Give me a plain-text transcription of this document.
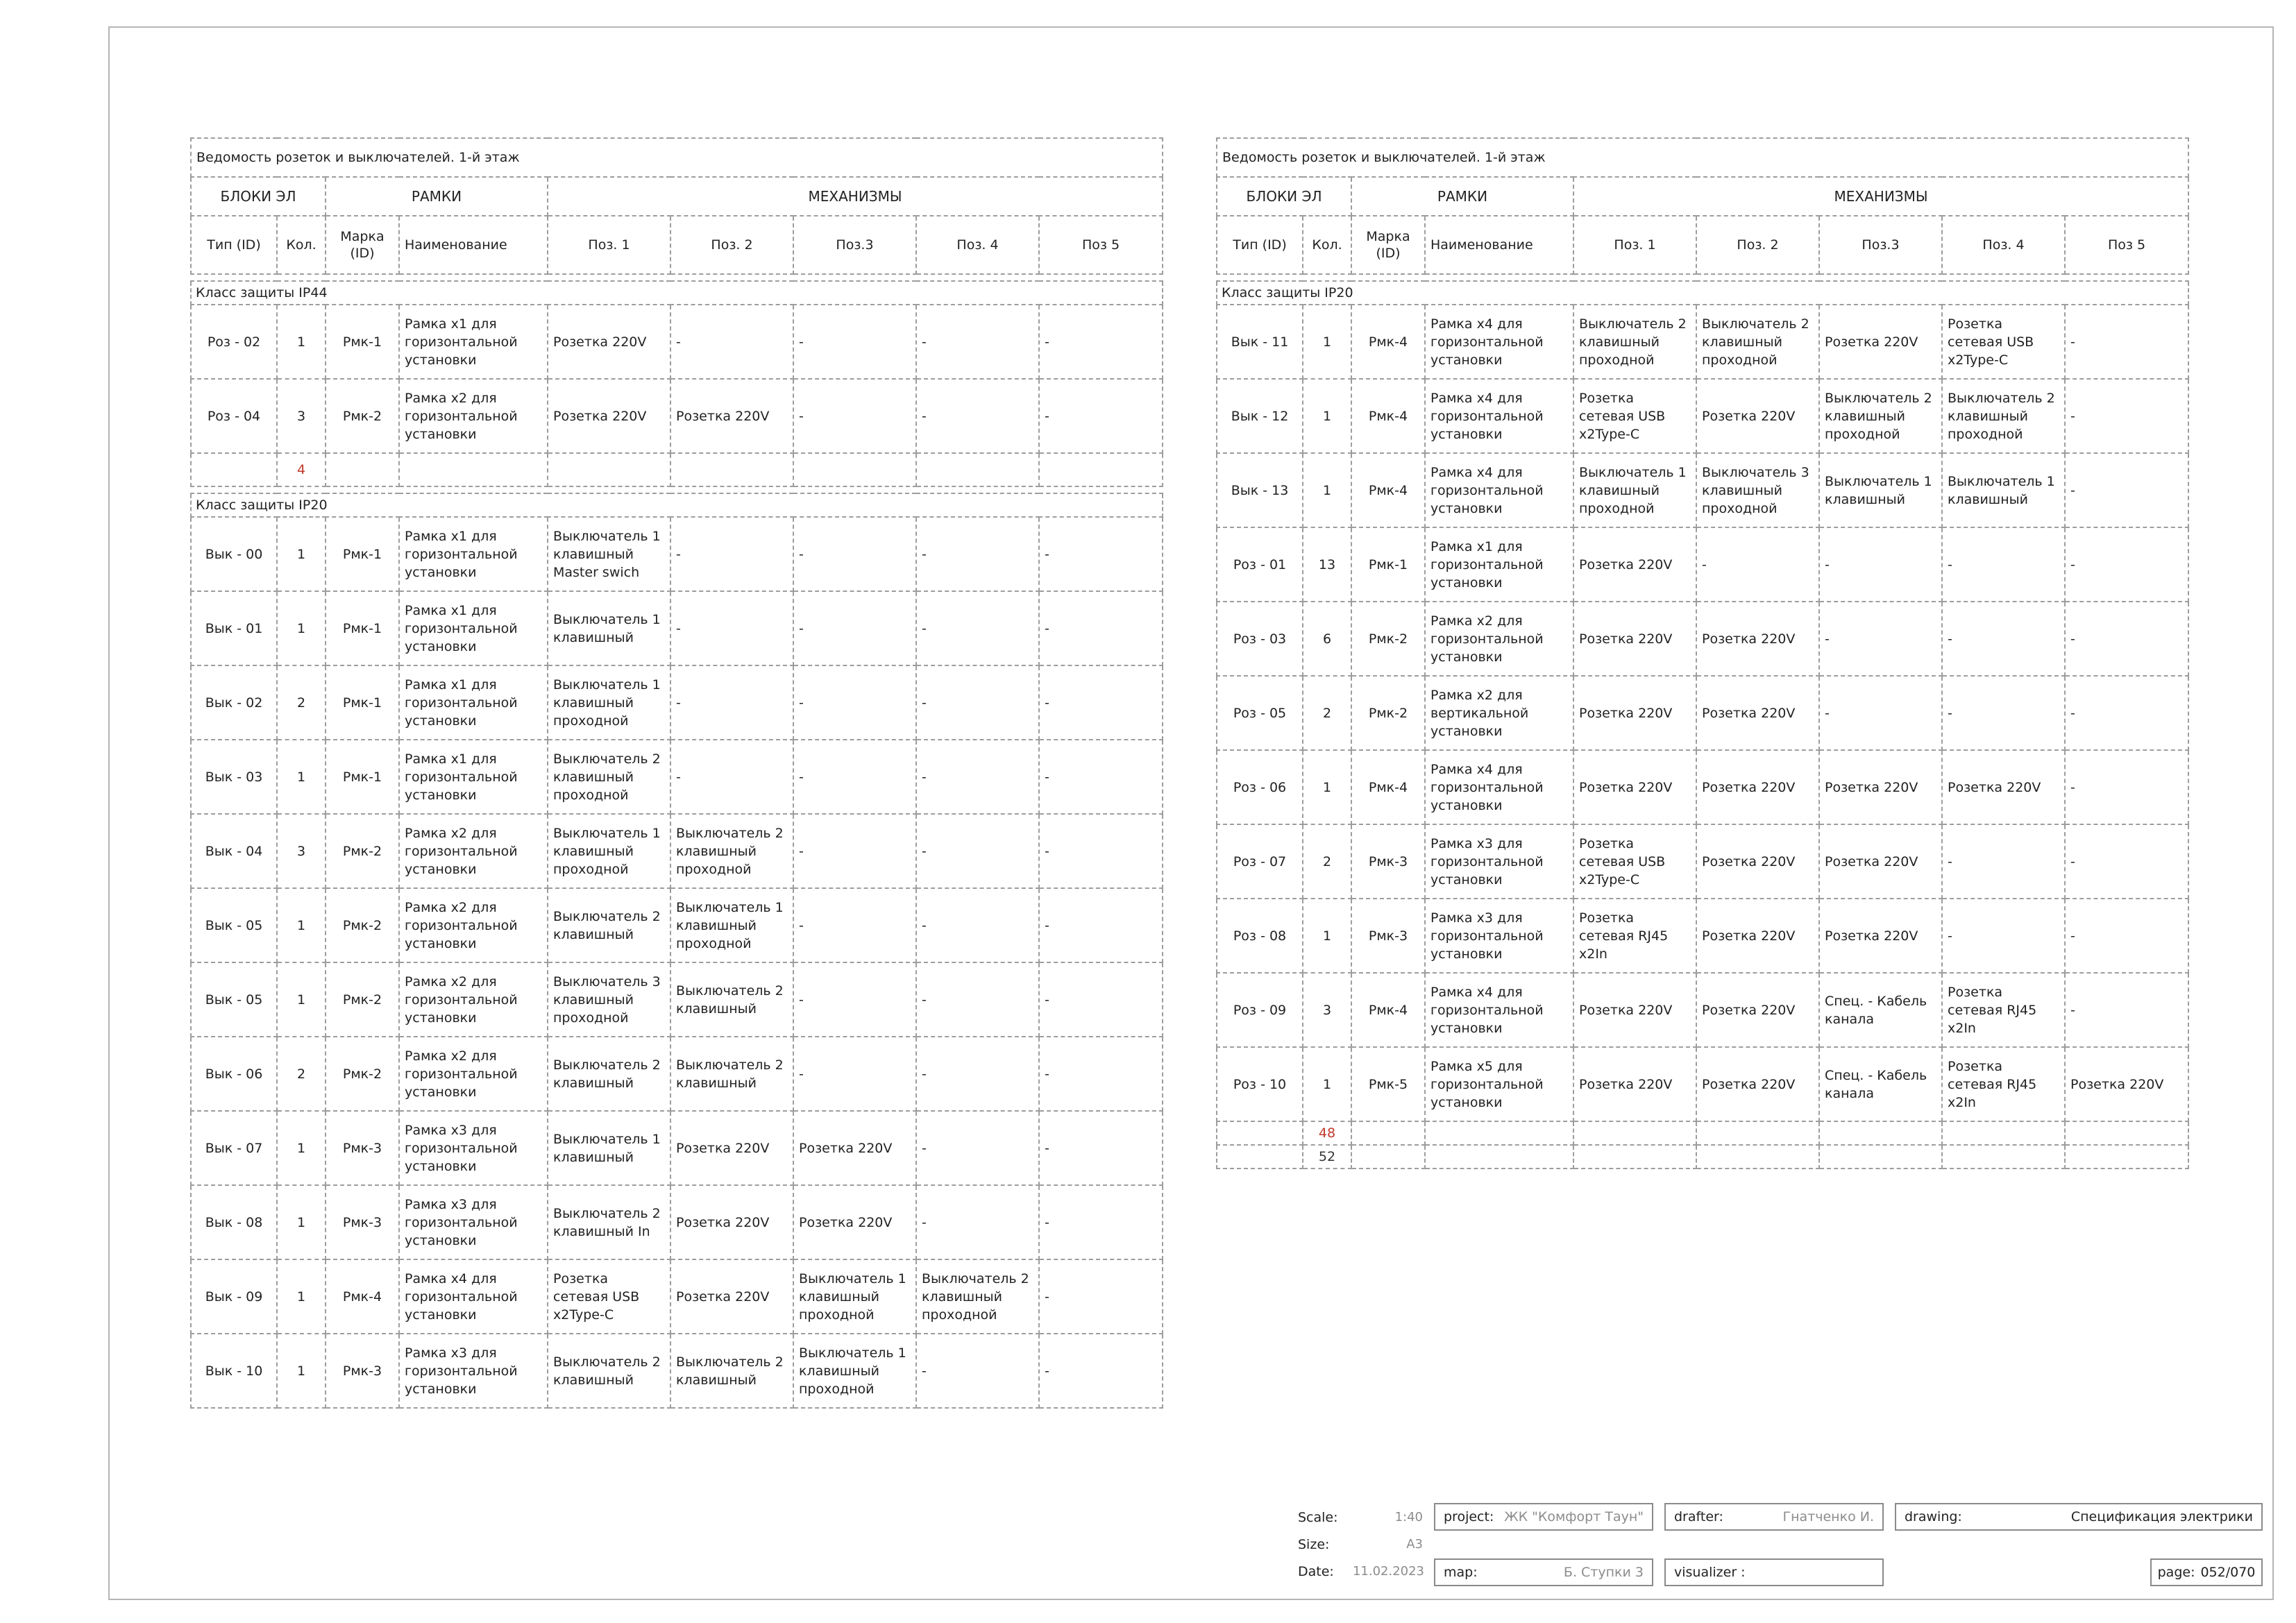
Ведомость розеток и выключателей. 1-й этаж								
БЛОКИ ЭЛ		РАМКИ		МЕХАНИЗМЫ				
Тип (ID)	Кол.	Марка (ID)	Наименование	Поз. 1	Поз. 2	Поз.3	Поз. 4	Поз 5

Класс защиты IP44								
Роз - 02	1	Рмк-1	Рамка x1 для горизонтальной установки	Розетка 220V	-	-	-	-
Роз - 04	3	Рмк-2	Рамка x2 для горизонтальной установки	Розетка 220V	Розетка 220V	-	-	-
	4							

Класс защиты IP20								
Вык - 00	1	Рмк-1	Рамка x1 для горизонтальной установки	Выключатель 1 клавишный Master swich	-	-	-	-
Вык - 01	1	Рмк-1	Рамка x1 для горизонтальной установки	Выключатель 1 клавишный	-	-	-	-
Вык - 02	2	Рмк-1	Рамка x1 для горизонтальной установки	Выключатель 1 клавишный проходной	-	-	-	-
Вык - 03	1	Рмк-1	Рамка x1 для горизонтальной установки	Выключатель 2 клавишный проходной	-	-	-	-
Вык - 04	3	Рмк-2	Рамка x2 для горизонтальной установки	Выключатель 1 клавишный проходной	Выключатель 2 клавишный проходной	-	-	-
Вык - 05	1	Рмк-2	Рамка x2 для горизонтальной установки	Выключатель 2 клавишный	Выключатель 1 клавишный проходной	-	-	-
Вык - 05	1	Рмк-2	Рамка x2 для горизонтальной установки	Выключатель 3 клавишный проходной	Выключатель 2 клавишный	-	-	-
Вык - 06	2	Рмк-2	Рамка x2 для горизонтальной установки	Выключатель 2 клавишный	Выключатель 2 клавишный	-	-	-
Вык - 07	1	Рмк-3	Рамка x3 для горизонтальной установки	Выключатель 1 клавишный	Розетка 220V	Розетка 220V	-	-
Вык - 08	1	Рмк-3	Рамка x3 для горизонтальной установки	Выключатель 2 клавишный In	Розетка 220V	Розетка 220V	-	-
Вык - 09	1	Рмк-4	Рамка x4 для горизонтальной установки	Розетка сетевая USB x2Type-C	Розетка 220V	Выключатель 1 клавишный проходной	Выключатель 2 клавишный проходной	-
Вык - 10	1	Рмк-3	Рамка x3 для горизонтальной установки	Выключатель 2 клавишный	Выключатель 2 клавишный	Выключатель 1 клавишный проходной	-	-
Ведомость розеток и выключателей. 1-й этаж								
БЛОКИ ЭЛ		РАМКИ		МЕХАНИЗМЫ				
Тип (ID)	Кол.	Марка (ID)	Наименование	Поз. 1	Поз. 2	Поз.3	Поз. 4	Поз 5

Класс защиты IP20								
Вык - 11	1	Рмк-4	Рамка x4 для горизонтальной установки	Выключатель 2 клавишный проходной	Выключатель 2 клавишный проходной	Розетка 220V	Розетка сетевая USB x2Type-C	-
Вык - 12	1	Рмк-4	Рамка x4 для горизонтальной установки	Розетка сетевая USB x2Type-C	Розетка 220V	Выключатель 2 клавишный проходной	Выключатель 2 клавишный проходной	-
Вык - 13	1	Рмк-4	Рамка x4 для горизонтальной установки	Выключатель 1 клавишный проходной	Выключатель 3 клавишный проходной	Выключатель 1 клавишный	Выключатель 1 клавишный	-
Роз - 01	13	Рмк-1	Рамка x1 для горизонтальной установки	Розетка 220V	-	-	-	-
Роз - 03	6	Рмк-2	Рамка x2 для горизонтальной установки	Розетка 220V	Розетка 220V	-	-	-
Роз - 05	2	Рмк-2	Рамка x2 для вертикальной установки	Розетка 220V	Розетка 220V	-	-	-
Роз - 06	1	Рмк-4	Рамка x4 для горизонтальной установки	Розетка 220V	Розетка 220V	Розетка 220V	Розетка 220V	-
Роз - 07	2	Рмк-3	Рамка x3 для горизонтальной установки	Розетка сетевая USB x2Type-C	Розетка 220V	Розетка 220V	-	-
Роз - 08	1	Рмк-3	Рамка x3 для горизонтальной установки	Розетка сетевая RJ45 x2In	Розетка 220V	Розетка 220V	-	-
Роз - 09	3	Рмк-4	Рамка x4 для горизонтальной установки	Розетка 220V	Розетка 220V	Спец. - Кабель канала	Розетка сетевая RJ45 x2In	-
Роз - 10	1	Рмк-5	Рамка x5 для горизонтальной установки	Розетка 220V	Розетка 220V	Спец. - Кабель канала	Розетка сетевая RJ45 x2In	Розетка 220V
	48							
	52							
Scale:	1:40
Size:	A3
Date:	11.02.2023
project: ЖК "Комфорт Таун" drafter:	Гнатченко И. drawing:	Спецификация электрики
map:	Б. Ступки 3 visualizer :	page: 052/070
